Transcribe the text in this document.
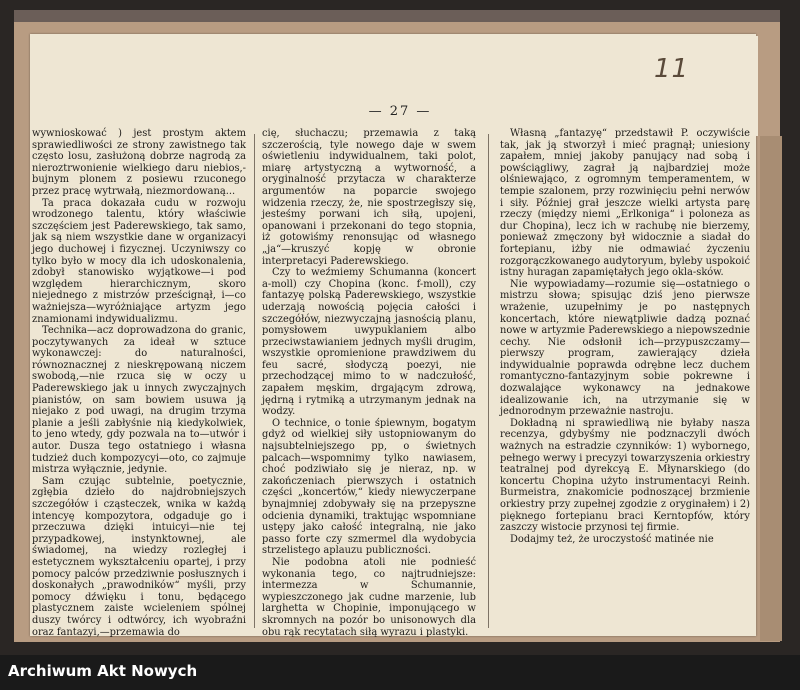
11
— 27 —

wywnioskować ) jest prostym aktem sprawiedliwości ze strony zawistnego tak często losu, zasłużoną dobrze nagrodą za nieroztrwonienie wielkiego daru niebios,- bujnym plonem z posiewu rzuconego przez pracę wytrwałą, niezmordowaną...

Ta praca dokazała cudu w rozwoju wrodzonego talentu, który właściwie szczęściem jest Paderewskiego, tak samo, jak są niem wszystkie dane w organizacyi jego duchowej i fizycznej. Uczyniwszy co tylko było w mocy dla ich udoskonalenia, zdobył stanowisko wyjątkowe—i pod względem hierarchicznym, skoro niejednego z mistrzów prześcignął, i—co ważniejsza—wyróżniające artyzm jego znamionami indywidualizmu.

Technika—acz doprowadzona do granic, poczytywanych za ideał w sztuce wykonawczej: do naturalności, równoznacznej z nieskrępowaną niczem swobodą,—nie rzuca się w oczy u Paderewskiego jak u innych zwyczajnych pianistów, on sam bowiem usuwa ją niejako z pod uwagi, na drugim trzyma planie a jeśli zabłyśnie nią kiedykolwiek, to jeno wtedy, gdy pozwala na to—utwór i autor. Dusza tego ostatniego i własna tudzież duch kompozycyi—oto, co zajmuje mistrza wyłącznie, jedynie.

Sam czując subtelnie, poetycznie, zgłębia dzieło do najdrobniejszych szczegółów i cząsteczek, wnika w każdą intencyę kompozytora, odgaduje go i przeczuwa dzięki intuicyi—nie tej przypadkowej, instynktownej, ale świadomej, na wiedzy rozległej i estetycznem wykształceniu opartej, i przy pomocy palców przedziwnie posłusznych i doskonałych „prawodników“ myśli, przy pomocy dźwięku i tonu, będącego plastycznem zaiste wcieleniem spólnej duszy twórcy i odtwórcy, ich wyobraźni oraz fantazyi,—przemawia do

cię, słuchaczu; przemawia z taką szczerością, tyle nowego daje w swem oświetleniu indywidualnem, taki polot, miarę artystyczną a wytworność, a oryginalność przytacza w charakterze argumentów na poparcie swojego widzenia rzeczy, że, nie spostrzegłszy się, jesteśmy porwani ich siłą, upojeni, opanowani i przekonani do tego stopnia, iż gotowiśmy renonsując od własnego „ja“—kruszyć kopję w obronie interpretacyi Paderewskiego.

Czy to weźmiemy Schumanna (koncert a-moll) czy Chopina (konc. f-moll), czy fantazyę polską Paderewskiego, wszystkie uderzają nowością pojęcia całości i szczegółów, niezwyczajną jasnością planu, pomysłowem uwypuklaniem albo przeciwstawianiem jednych myśli drugim, wszystkie opromienione prawdziwem du feu sacré, słodyczą poezyi, nie przechodzącej mimo to w nadczułość, zapałem męskim, drgającym zdrową, jędrną i rytmiką a utrzymanym jednak na wodzy.

O technice, o tonie śpiewnym, bogatym gdyż od wielkiej siły ustopniowanym do najsubtelniejszego pp, o świetnych palcach—wspomnimy tylko nawiasem, choć podziwiało się je nieraz, np. w zakończeniach pierwszych i ostatnich części „koncertów,“ kiedy niewyczerpane bynajmniej zdobywały się na przepyszne odcienia dynamiki, traktując wspomniane ustępy jako całość integralną, nie jako passo forte czy szmermel dla wydobycia strzelistego aplauzu publiczności.

Nie podobna atoli nie podnieść wykonania tego, co najtrudniejsze: intermezza w Schumannie, wypieszczonego jak cudne marzenie, lub larghetta w Chopinie, imponującego w skromnych na pozór bo unisonowych dla obu rąk recytatach siłą wyrazu i plastyki.

Własną „fantazyę“ przedstawił P. oczywiście tak, jak ją stworzył i mieć pragnął; uniesiony zapałem, mniej jakoby panujący nad sobą i powściągliwy, zagrał ją najbardziej może olśniewająco, z ogromnym temperamentem, w tempie szalonem, przy rozwinięciu pełni nerwów i siły. Później grał jeszcze wielki artysta parę rzeczy (między niemi „Erlkoniga“ i poloneza as dur Chopina), lecz ich w rachubę nie bierzemy, ponieważ zmęczony był widocznie a siadał do fortepianu, iżby nie odmawiać życzeniu rozgorączkowanego audytoryum, byleby uspokoić istny huragan zapamiętałych jego okla-sków.

Nie wypowiadamy—rozumie się—ostatniego o mistrzu słowa; spisując dziś jeno pierwsze wrażenie, uzupełnimy je po następnych koncertach, które niewątpliwie dadzą poznać nowe w artyzmie Paderewskiego a niepowszednie cechy. Nie odsłonił ich—przypuszczamy—pierwszy program, zawierający dzieła indywidualnie poprawda odrębne lecz duchem romantyczno-fantazyjnym sobie pokrewne i dozwalające wykonawcy na jednakowe idealizowanie ich, na utrzymanie się w jednorodnym przeważnie nastroju.

Dokładną ni sprawiedliwą nie byłaby nasza recenzya, gdybyśmy nie podznaczyli dwóch ważnych na estradzie czynników: 1) wybornego, pełnego werwy i precyzyi towarzyszenia orkiestry teatralnej pod dyrekcyą E. Młynarskiego (do koncertu Chopina użyto instrumentacyi Reinh. Burmeistra, znakomicie podnoszącej brzmienie orkiestry przy zupełnej zgodzie z oryginałem) i 2) pięknego fortepianu braci Kerntopfów, który zaszczy wistocie przynosi tej firmie.

Dodajmy też, że uroczystość matinée nie

Archiwum Akt Nowych
